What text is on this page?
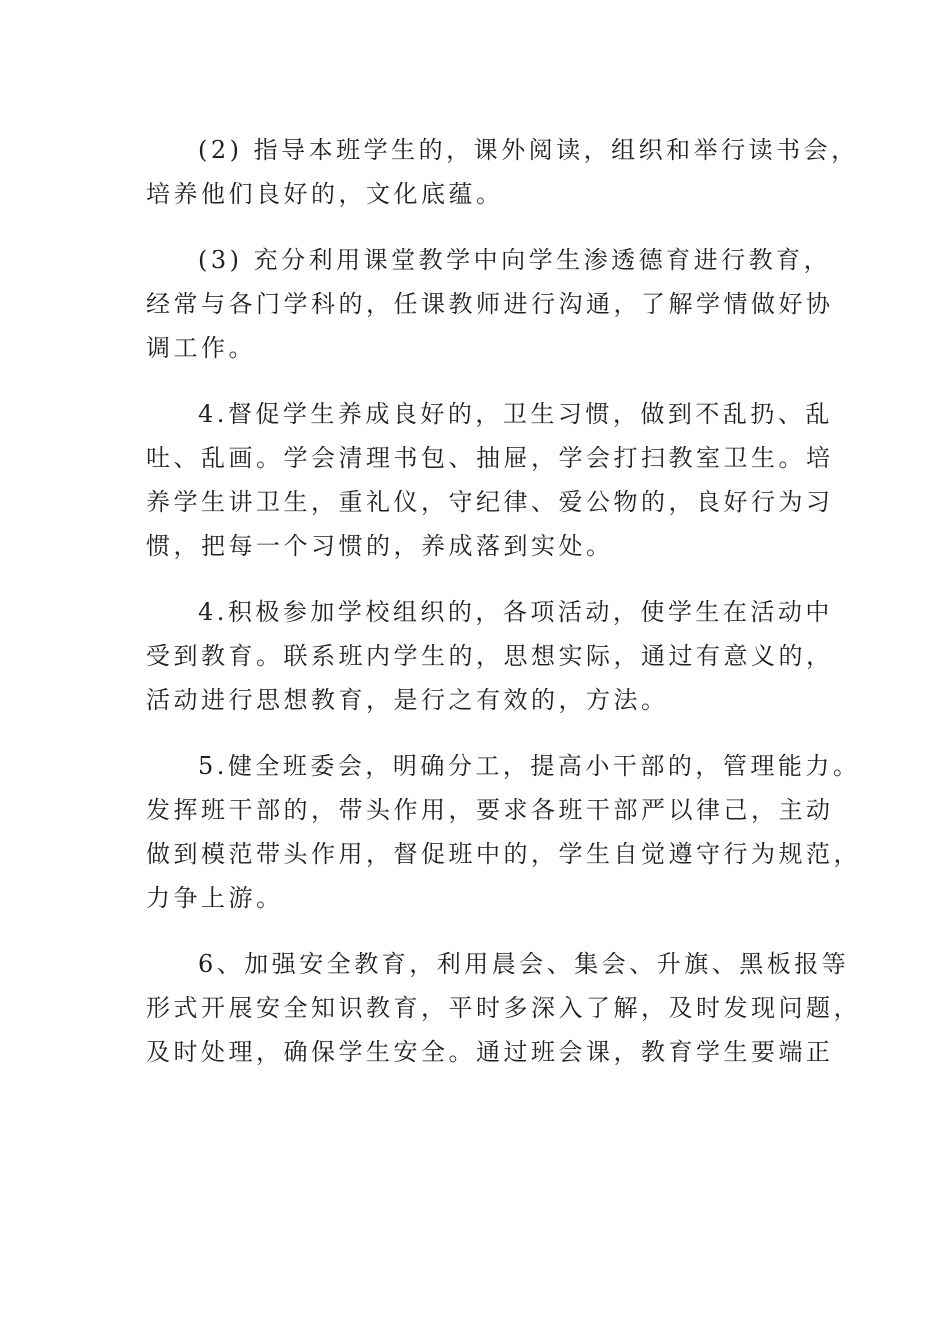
(2) 指导本班学生的，课外阅读，组织和举行读书会，
培养他们良好的，文化底蕴。
(3) 充分利用课堂教学中向学生渗透德育进行教育，
经常与各门学科的，任课教师进行沟通，了解学情做好协
调工作。
4.督促学生养成良好的，卫生习惯，做到不乱扔、乱
吐、乱画。学会清理书包、抽屉，学会打扫教室卫生。培
养学生讲卫生，重礼仪，守纪律、爱公物的，良好行为习
惯，把每一个习惯的，养成落到实处。
4.积极参加学校组织的，各项活动，使学生在活动中
受到教育。联系班内学生的，思想实际，通过有意义的，
活动进行思想教育，是行之有效的，方法。
5.健全班委会，明确分工，提高小干部的，管理能力。
发挥班干部的，带头作用，要求各班干部严以律己，主动
做到模范带头作用，督促班中的，学生自觉遵守行为规范，
力争上游。
6、加强安全教育，利用晨会、集会、升旗、黑板报等
形式开展安全知识教育，平时多深入了解，及时发现问题，
及时处理，确保学生安全。通过班会课，教育学生要端正
